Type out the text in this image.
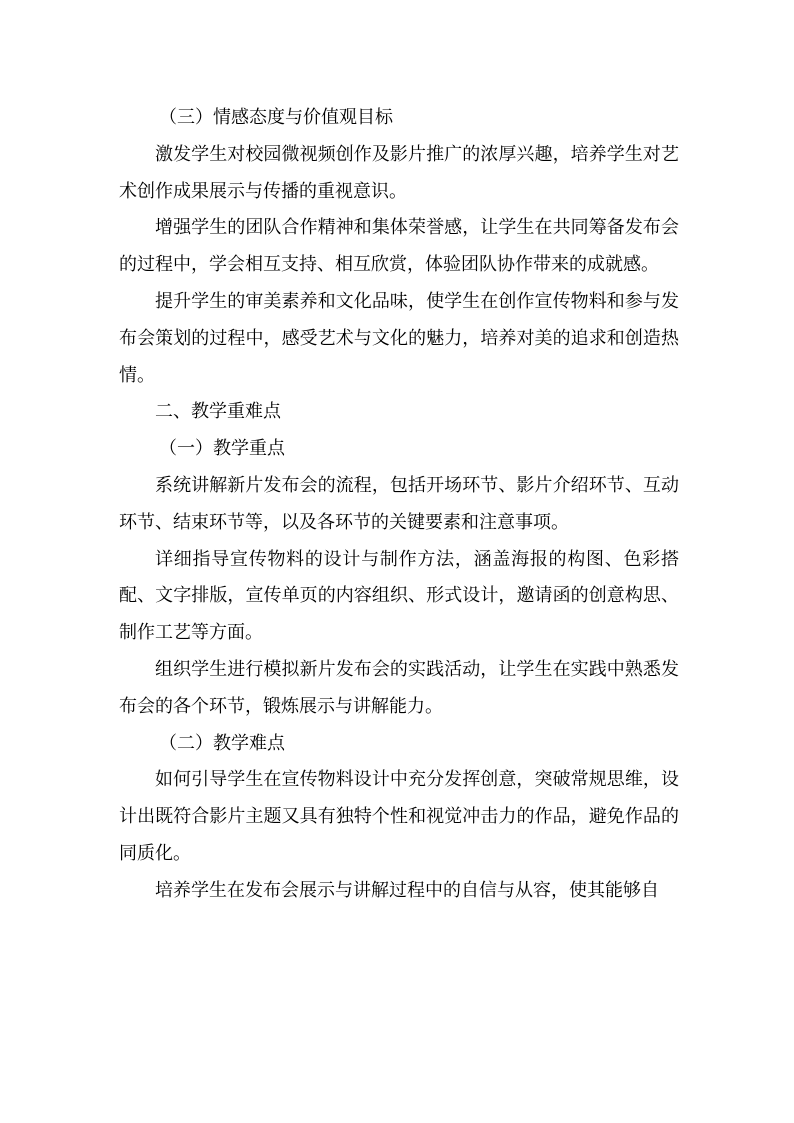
（三）情感态度与价值观目标

激发学生对校园微视频创作及影片推广的浓厚兴趣，培养学生对艺术创作成果展示与传播的重视意识。

增强学生的团队合作精神和集体荣誉感，让学生在共同筹备发布会的过程中，学会相互支持、相互欣赏，体验团队协作带来的成就感。

提升学生的审美素养和文化品味，使学生在创作宣传物料和参与发布会策划的过程中，感受艺术与文化的魅力，培养对美的追求和创造热情。

二、教学重难点

（一）教学重点

系统讲解新片发布会的流程，包括开场环节、影片介绍环节、互动环节、结束环节等，以及各环节的关键要素和注意事项。

详细指导宣传物料的设计与制作方法，涵盖海报的构图、色彩搭配、文字排版，宣传单页的内容组织、形式设计，邀请函的创意构思、制作工艺等方面。

组织学生进行模拟新片发布会的实践活动，让学生在实践中熟悉发布会的各个环节，锻炼展示与讲解能力。

（二）教学难点

如何引导学生在宣传物料设计中充分发挥创意，突破常规思维，设计出既符合影片主题又具有独特个性和视觉冲击力的作品，避免作品的同质化。

培养学生在发布会展示与讲解过程中的自信与从容，使其能够自
